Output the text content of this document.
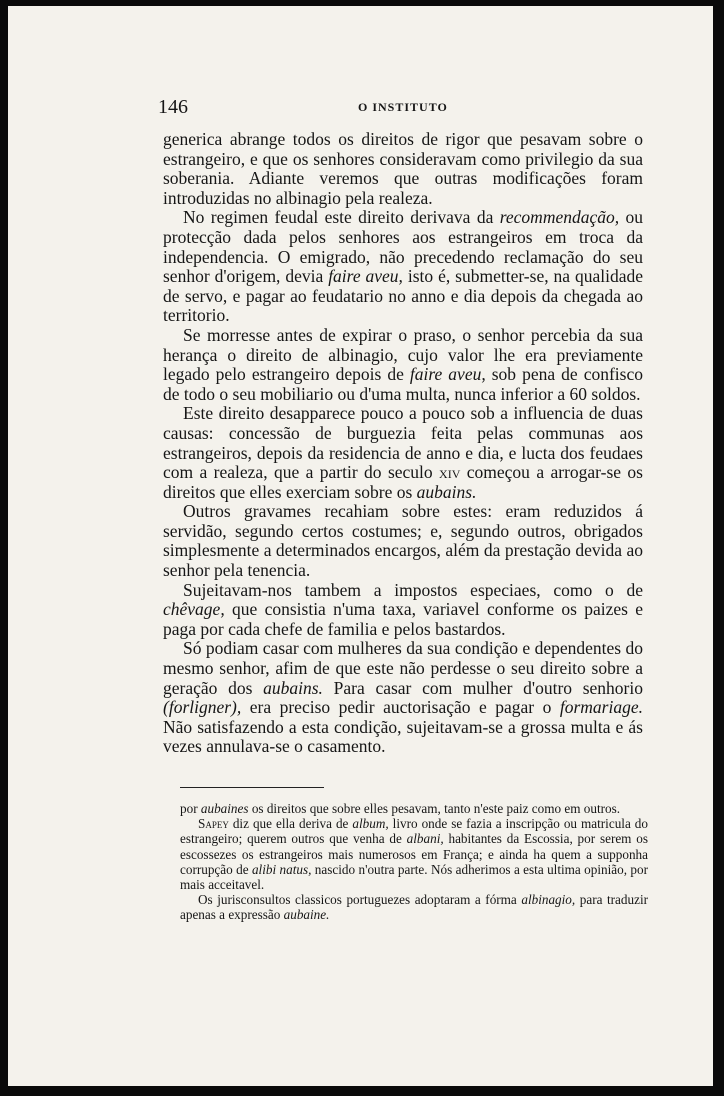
146	O INSTITUTO

generica abrange todos os direitos de rigor que pesavam sobre o estrangeiro, e que os senhores consideravam como privilegio da sua soberania. Adiante veremos que outras modificações foram introduzidas no albinagio pela realeza.

No regimen feudal este direito derivava da recommendação, ou protecção dada pelos senhores aos estrangeiros em troca da independencia. O emigrado, não precedendo reclamação do seu senhor d'origem, devia faire aveu, isto é, submetter-se, na qualidade de servo, e pagar ao feudatario no anno e dia depois da chegada ao territorio.

Se morresse antes de expirar o praso, o senhor percebia da sua herança o direito de albinagio, cujo valor lhe era previamente legado pelo estrangeiro depois de faire aveu, sob pena de confisco de todo o seu mobiliario ou d'uma multa, nunca inferior a 60 soldos.

Este direito desapparece pouco a pouco sob a influencia de duas causas: concessão de burguezia feita pelas communas aos estrangeiros, depois da residencia de anno e dia, e lucta dos feudaes com a realeza, que a partir do seculo xiv começou a arrogar-se os direitos que elles exerciam sobre os aubains.

Outros gravames recahiam sobre estes: eram reduzidos á servidão, segundo certos costumes; e, segundo outros, obrigados simplesmente a determinados encargos, além da prestação devida ao senhor pela tenencia.

Sujeitavam-nos tambem a impostos especiaes, como o de chêvage, que consistia n'uma taxa, variavel conforme os paizes e paga por cada chefe de familia e pelos bastardos.

Só podiam casar com mulheres da sua condição e dependentes do mesmo senhor, afim de que este não perdesse o seu direito sobre a geração dos aubains. Para casar com mulher d'outro senhorio (forligner), era preciso pedir auctorisação e pagar o formariage. Não satisfazendo a esta condição, sujeitavam-se a grossa multa e ás vezes annulava-se o casamento.

por aubaines os direitos que sobre elles pesavam, tanto n'este paiz como em outros.

Sapey diz que ella deriva de album, livro onde se fazia a inscripção ou matricula do estrangeiro; querem outros que venha de albani, habitantes da Escossia, por serem os escossezes os estrangeiros mais numerosos em França; e ainda ha quem a supponha corrupção de alibi natus, nascido n'outra parte. Nós adherimos a esta ultima opinião, por mais acceitavel.

Os jurisconsultos classicos portuguezes adoptaram a fórma albinagio, para traduzir apenas a expressão aubaine.
